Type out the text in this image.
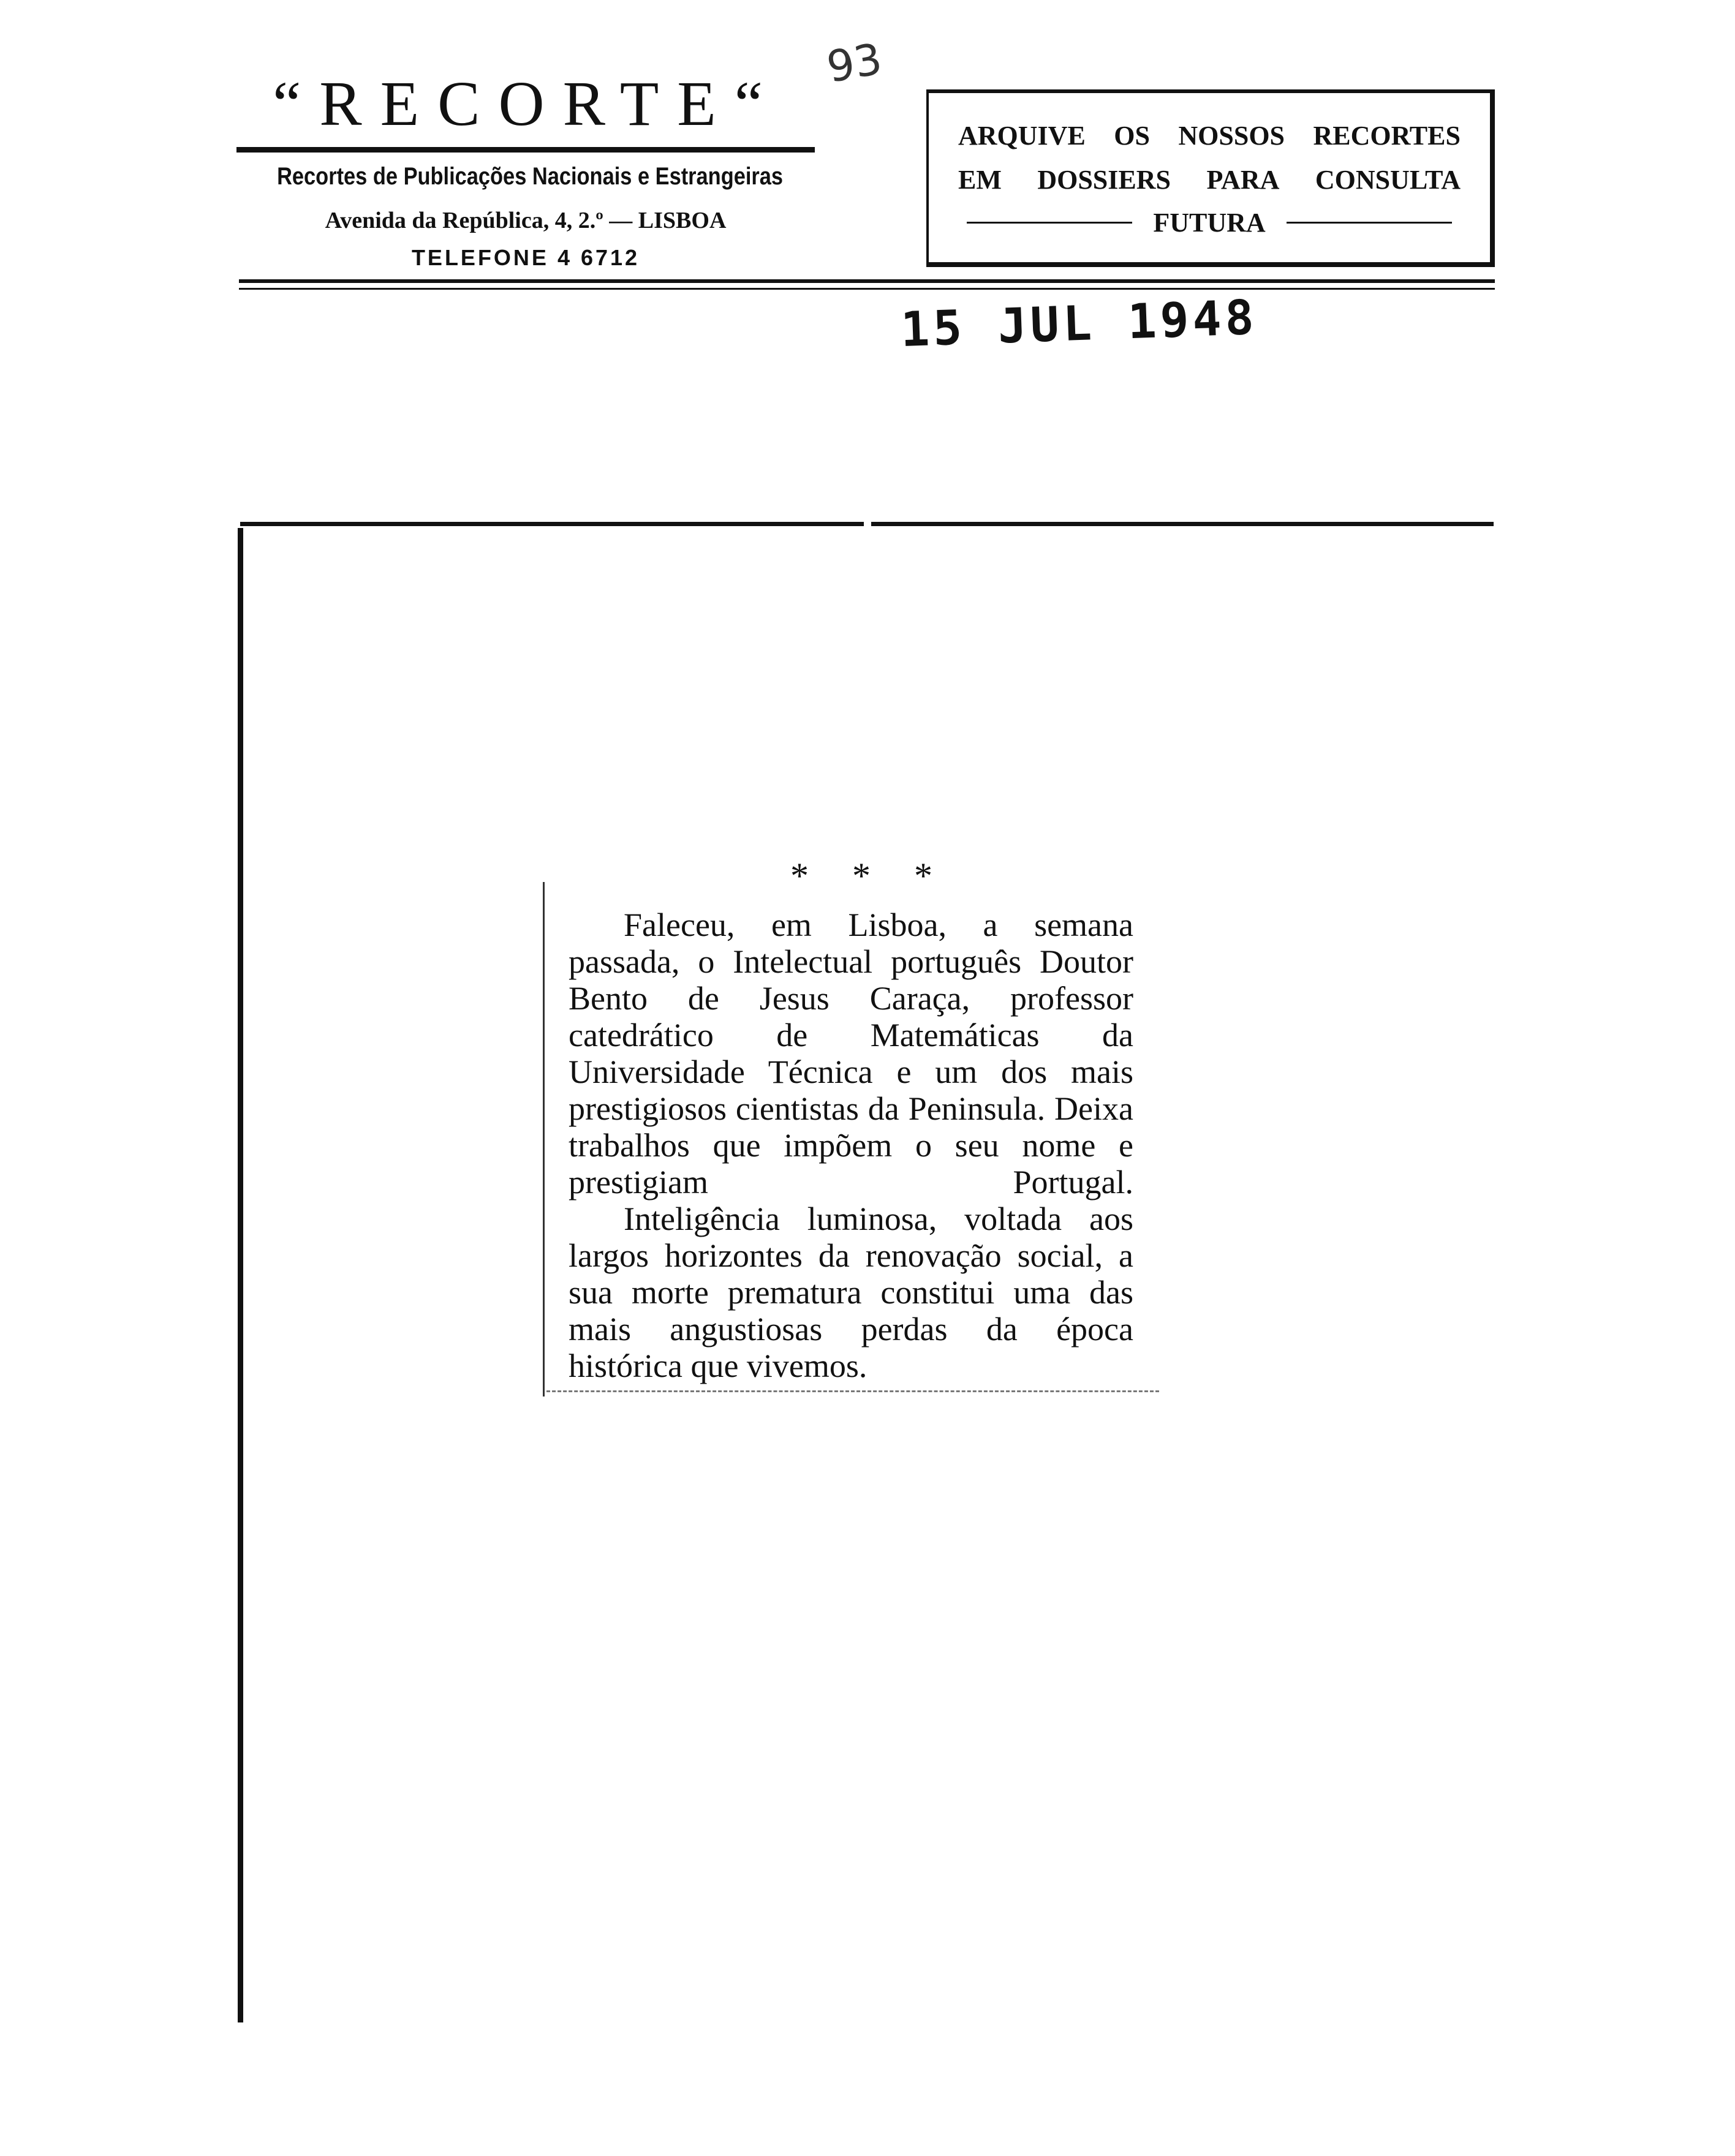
“RECORTE“
Recortes de Publicações Nacionais e Estrangeiras
Avenida da República, 4, 2.º — LISBOA
TELEFONE 4 6712
93
ARQUIVE OS NOSSOS RECORTES
EM DOSSIERS PARA CONSULTA
FUTURA
15 JUL 1948
* * *

Faleceu, em Lisboa, a semana passada, o Intelectual português Doutor Bento de Jesus Caraça, professor catedrático de Matemáticas da Universidade Técnica e um dos mais prestigiosos cientistas da Peninsula. Deixa trabalhos que impõem o seu nome e prestigiam Portugal.

Inteligência luminosa, voltada aos largos horizontes da renovação social, a sua morte prematura constitui uma das mais angustiosas perdas da época histórica que vivemos.
